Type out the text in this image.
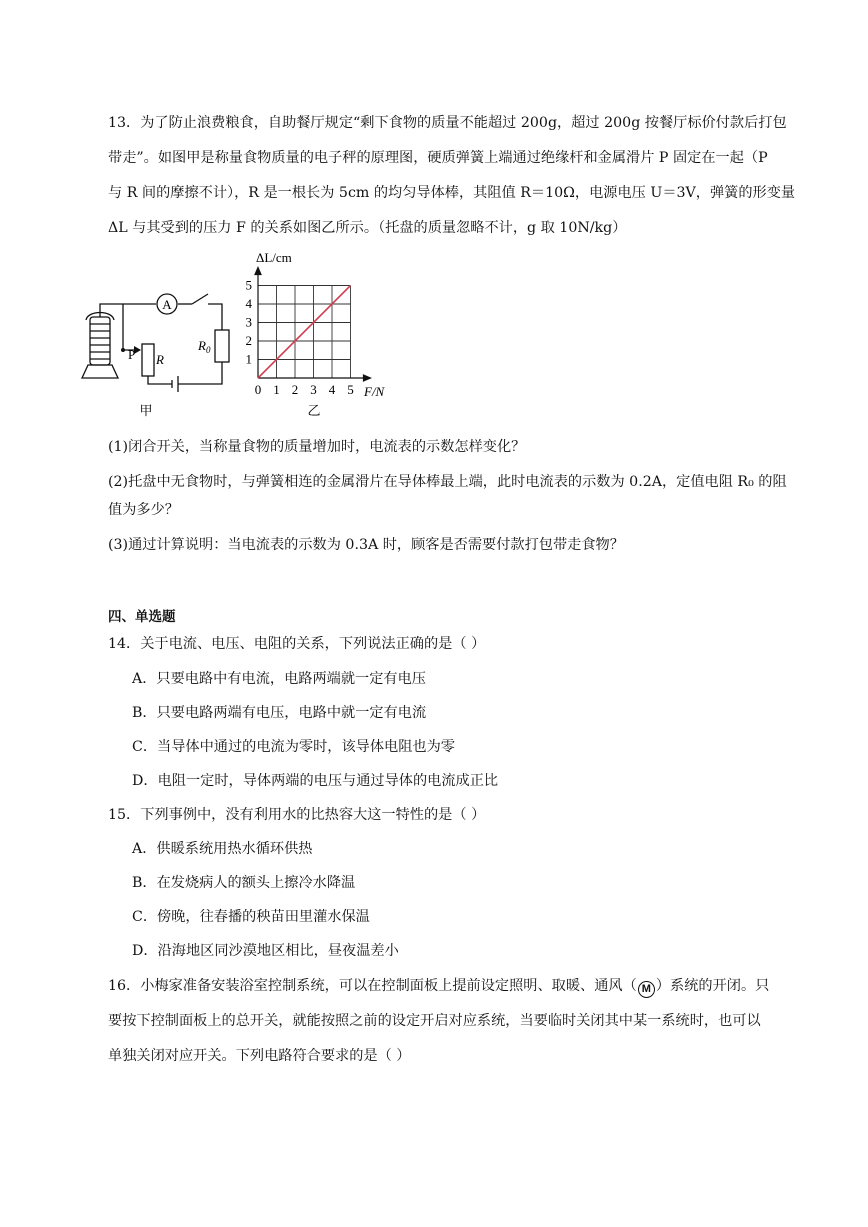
13．为了防止浪费粮食，自助餐厅规定“剩下食物的质量不能超过 200g，超过 200g 按餐厅标价付款后打包
带走”。如图甲是称量食物质量的电子秤的原理图，硬质弹簧上端通过绝缘杆和金属滑片 P 固定在一起（P
与 R 间的摩擦不计），R 是一根长为 5cm 的均匀导体棒，其阻值 R＝10Ω，电源电压 U＝3V，弹簧的形变量
ΔL 与其受到的压力 F 的关系如图乙所示。（托盘的质量忽略不计，g 取 10N/kg）
A
P R
$R_0$
甲
0 1 2 3 4 5
1
2
3
4
5
ΔL/cm
F/N
乙
(1)闭合开关，当称量食物的质量增加时，电流表的示数怎样变化？
(2)托盘中无食物时，与弹簧相连的金属滑片在导体棒最上端，此时电流表的示数为 0.2A，定值电阻 R₀ 的阻
值为多少？
(3)通过计算说明：当电流表的示数为 0.3A 时，顾客是否需要付款打包带走食物？
四、单选题
14．关于电流、电压、电阻的关系，下列说法正确的是（ ）
A．只要电路中有电流，电路两端就一定有电压
B．只要电路两端有电压，电路中就一定有电流
C．当导体中通过的电流为零时，该导体电阻也为零
D．电阻一定时，导体两端的电压与通过导体的电流成正比
15．下列事例中，没有利用水的比热容大这一特性的是（ ）
A．供暖系统用热水循环供热
B．在发烧病人的额头上擦冷水降温
C．傍晚，往春播的秧苗田里灌水保温
D．沿海地区同沙漠地区相比，昼夜温差小
16．小梅家准备安装浴室控制系统，可以在控制面板上提前设定照明、取暖、通风（ M ）系统的开闭。只
要按下控制面板上的总开关，就能按照之前的设定开启对应系统，当要临时关闭其中某一系统时，也可以
单独关闭对应开关。下列电路符合要求的是（ ）
